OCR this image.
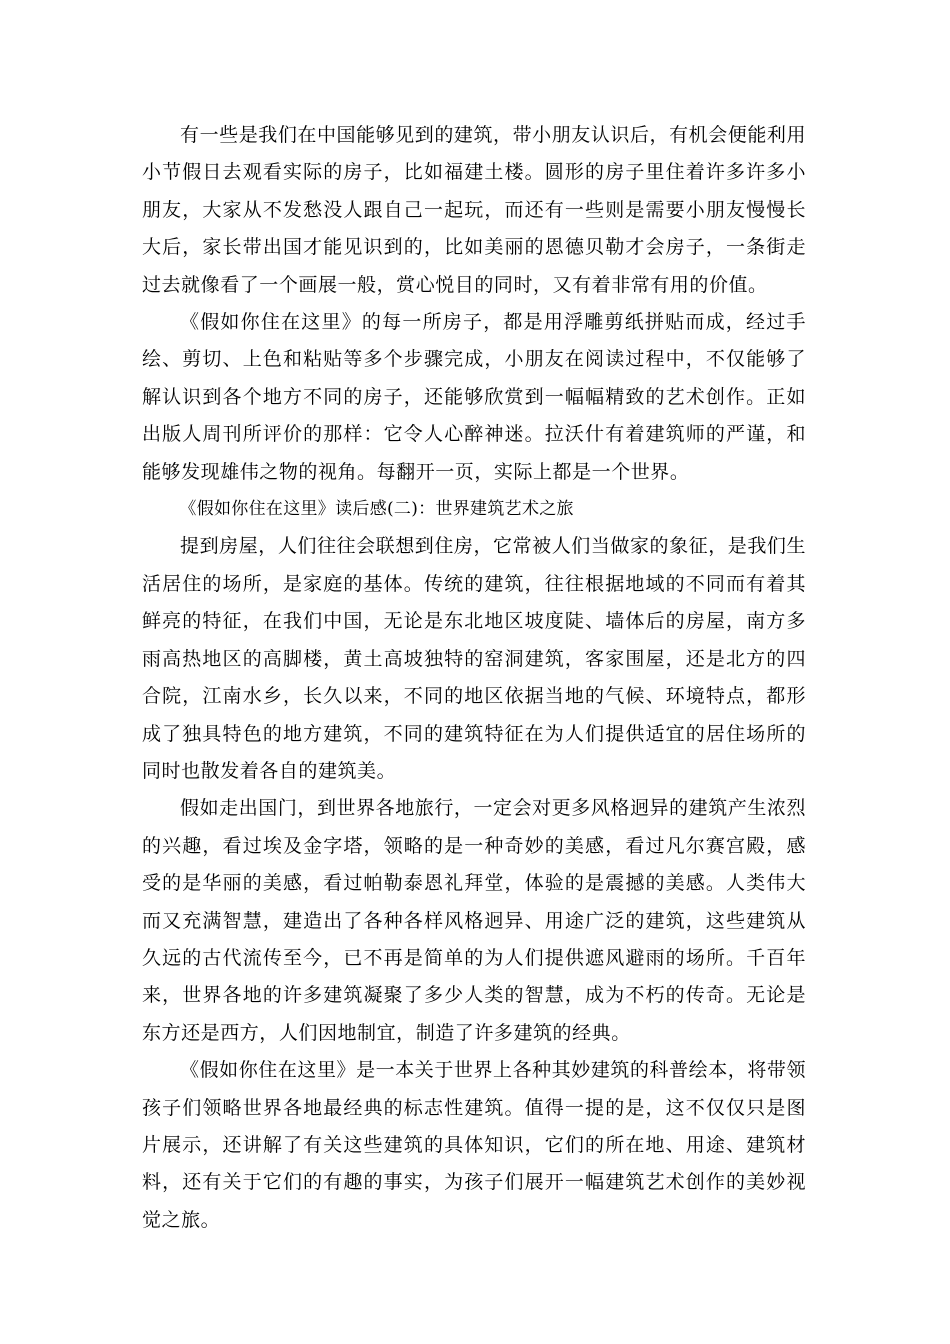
有一些是我们在中国能够见到的建筑，带小朋友认识后，有机会便能利用小节假日去观看实际的房子，比如福建土楼。圆形的房子里住着许多许多小朋友，大家从不发愁没人跟自己一起玩，而还有一些则是需要小朋友慢慢长大后，家长带出国才能见识到的，比如美丽的恩德贝勒才会房子，一条街走过去就像看了一个画展一般，赏心悦目的同时，又有着非常有用的价值。

《假如你住在这里》的每一所房子，都是用浮雕剪纸拼贴而成，经过手绘、剪切、上色和粘贴等多个步骤完成，小朋友在阅读过程中，不仅能够了解认识到各个地方不同的房子，还能够欣赏到一幅幅精致的艺术创作。正如出版人周刊所评价的那样：它令人心醉神迷。拉沃什有着建筑师的严谨，和能够发现雄伟之物的视角。每翻开一页，实际上都是一个世界。

《假如你住在这里》读后感(二)：世界建筑艺术之旅

提到房屋，人们往往会联想到住房，它常被人们当做家的象征，是我们生活居住的场所，是家庭的基体。传统的建筑，往往根据地域的不同而有着其鲜亮的特征，在我们中国，无论是东北地区坡度陡、墙体后的房屋，南方多雨高热地区的高脚楼，黄土高坡独特的窑洞建筑，客家围屋，还是北方的四合院，江南水乡，长久以来，不同的地区依据当地的气候、环境特点，都形成了独具特色的地方建筑，不同的建筑特征在为人们提供适宜的居住场所的同时也散发着各自的建筑美。

假如走出国门，到世界各地旅行，一定会对更多风格迥异的建筑产生浓烈的兴趣，看过埃及金字塔，领略的是一种奇妙的美感，看过凡尔赛宫殿，感受的是华丽的美感，看过帕勒泰恩礼拜堂，体验的是震撼的美感。人类伟大而又充满智慧，建造出了各种各样风格迥异、用途广泛的建筑，这些建筑从久远的古代流传至今，已不再是简单的为人们提供遮风避雨的场所。千百年来，世界各地的许多建筑凝聚了多少人类的智慧，成为不朽的传奇。无论是东方还是西方，人们因地制宜，制造了许多建筑的经典。

《假如你住在这里》是一本关于世界上各种其妙建筑的科普绘本，将带领孩子们领略世界各地最经典的标志性建筑。值得一提的是，这不仅仅只是图片展示，还讲解了有关这些建筑的具体知识，它们的所在地、用途、建筑材料，还有关于它们的有趣的事实，为孩子们展开一幅建筑艺术创作的美妙视觉之旅。
